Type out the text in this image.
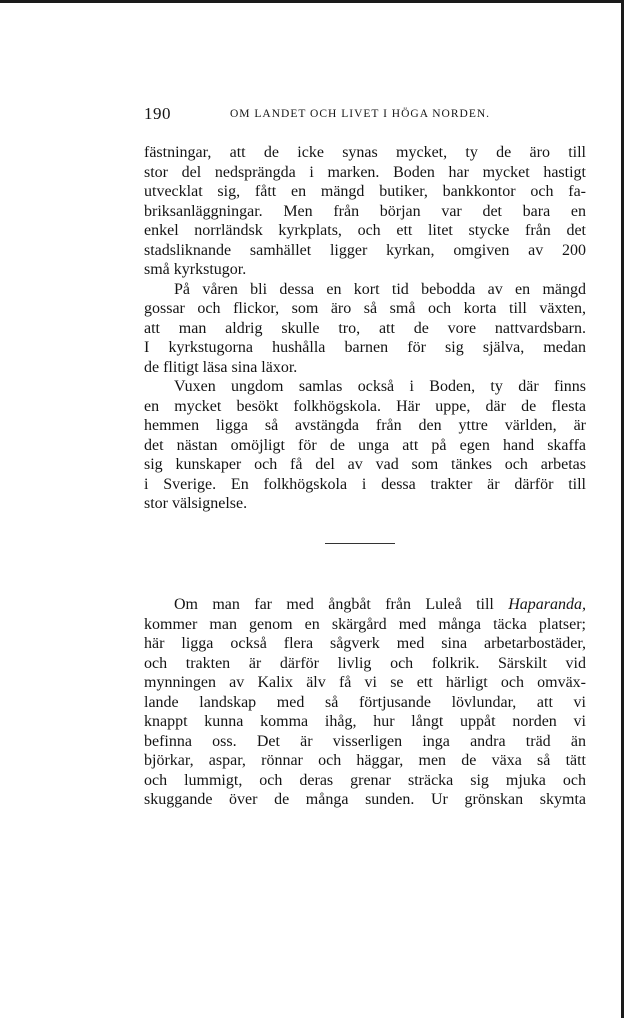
190	OM LANDET OCH LIVET I HÖGA NORDEN.
fästningar, att de icke synas mycket, ty de äro till
stor del nedsprängda i marken. Boden har mycket hastigt
utvecklat sig, fått en mängd butiker, bankkontor och fa-
briksanläggningar. Men från början var det bara en
enkel norrländsk kyrkplats, och ett litet stycke från det
stadsliknande samhället ligger kyrkan, omgiven av 200
små kyrkstugor.
På våren bli dessa en kort tid bebodda av en mängd
gossar och flickor, som äro så små och korta till växten,
att man aldrig skulle tro, att de vore nattvardsbarn.
I kyrkstugorna hushålla barnen för sig själva, medan
de flitigt läsa sina läxor.
Vuxen ungdom samlas också i Boden, ty där finns
en mycket besökt folkhögskola. Här uppe, där de flesta
hemmen ligga så avstängda från den yttre världen, är
det nästan omöjligt för de unga att på egen hand skaffa
sig kunskaper och få del av vad som tänkes och arbetas
i Sverige. En folkhögskola i dessa trakter är därför till
stor välsignelse.
Om man far med ångbåt från Luleå till Haparanda,
kommer man genom en skärgård med många täcka platser;
här ligga också flera sågverk med sina arbetarbostäder,
och trakten är därför livlig och folkrik. Särskilt vid
mynningen av Kalix älv få vi se ett härligt och omväx-
lande landskap med så förtjusande lövlundar, att vi
knappt kunna komma ihåg, hur långt uppåt norden vi
befinna oss. Det är visserligen inga andra träd än
björkar, aspar, rönnar och häggar, men de växa så tätt
och lummigt, och deras grenar sträcka sig mjuka och
skuggande över de många sunden. Ur grönskan skymta
